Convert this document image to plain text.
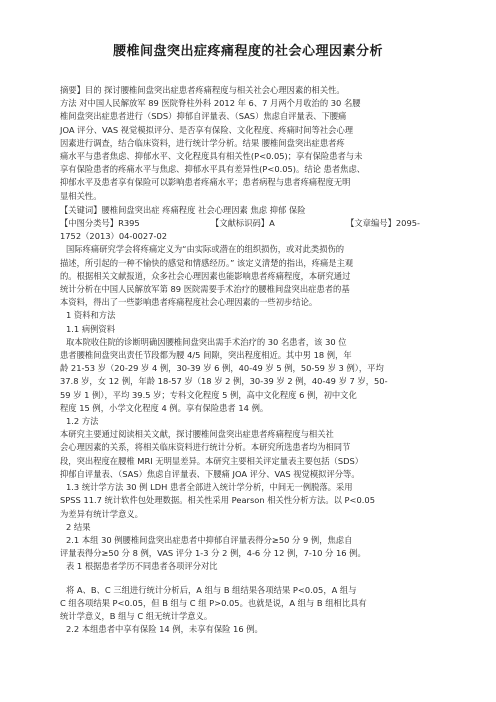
腰椎间盘突出症疼痛程度的社会心理因素分析

摘要】目的 探讨腰椎间盘突出症患者疼痛程度与相关社会心理因素的相关性。

方法 对中国人民解放军 89 医院脊柱外科 2012 年 6、7 月两个月收治的 30 名腰

椎间盘突出症患者进行（SDS）抑郁自评量表、（SAS）焦虑自评量表、下腰痛

JOA 评分、VAS 视觉模拟评分、是否享有保险、文化程度、疼痛时间等社会心理

因素进行调查，结合临床资料，进行统计学分析。结果 腰椎间盘突出症患者疼

痛水平与患者焦虑、抑郁水平、文化程度具有相关性(P<0.05)；享有保险患者与未

享有保险患者的疼痛水平与焦虑、抑郁水平具有差异性(P<0.05)。结论 患者焦虑、

抑郁水平及患者享有保险可以影响患者疼痛水平；患者病程与患者疼痛程度无明

显相关性。

【关键词】腰椎间盘突出症 疼痛程度 社会心理因素 焦虑 抑郁 保险

【中图分类号】R395	【文献标识码】A	【文章编号】2095-

1752（2013）04-0027-02

国际疼痛研究学会将疼痛定义为“由实际或潜在的组织损伤，或对此类损伤的

描述，所引起的一种不愉快的感觉和情感经历。” 该定义清楚的指出，疼痛是主观

的。根据相关文献报道，众多社会心理因素也能影响患者疼痛程度，本研究通过

统计分析在中国人民解放军第 89 医院需要手术治疗的腰椎间盘突出症患者的基

本资料，得出了一些影响患者疼痛程度社会心理因素的一些初步结论。

1 资料和方法

1.1 病例资料

取本院收住院的诊断明确因腰椎间盘突出需手术治疗的 30 名患者，该 30 位

患者腰椎间盘突出责任节段都为腰 4/5 间隙，突出程度相近。其中男 18 例，年

龄 21-53 岁（20-29 岁 4 例，30-39 岁 6 例，40-49 岁 5 例，50-59 岁 3 例），平均

37.8 岁，女 12 例，年龄 18-57 岁（18 岁 2 例，30-39 岁 2 例，40-49 岁 7 岁，50-

59 岁 1 例），平均 39.5 岁；专科文化程度 5 例，高中文化程度 6 例，初中文化

程度 15 例，小学文化程度 4 例。享有保险患者 14 例。

1.2 方法

本研究主要通过阅读相关文献，探讨腰椎间盘突出症患者疼痛程度与相关社

会心理因素的关系，将相关临床资料进行统计分析。本研究所选患者均为相同节

段，突出程度在腰椎 MRI 无明显差异。本研究主要相关评定量表主要包括（SDS）

抑郁自评量表、（SAS）焦虑自评量表、下腰痛 JOA 评分、VAS 视觉模拟评分等。

1.3 统计学方法 30 例 LDH 患者全部进入统计学分析，中间无一例脱落。采用

SPSS 11.7 统计软件包处理数据。相关性采用 Pearson 相关性分析方法。以 P<0.05

为差异有统计学意义。

2 结果

2.1 本组 30 例腰椎间盘突出症患者中抑郁自评量表得分≥50 分 9 例，焦虑自

评量表得分≥50 分 8 例，VAS 评分 1-3 分 2 例，4-6 分 12 例，7-10 分 16 例。

表 1 根据患者学历不同患者各项评分对比

将 A、B、C 三组进行统计分析后，A 组与 B 组结果各项结果 P<0.05，A 组与

C 组各项结果 P<0.05，但 B 组与 C 组 P>0.05。也就是说，A 组与 B 组相比具有

统计学意义，B 组与 C 组无统计学意义。

2.2 本组患者中享有保险 14 例，未享有保险 16 例。
